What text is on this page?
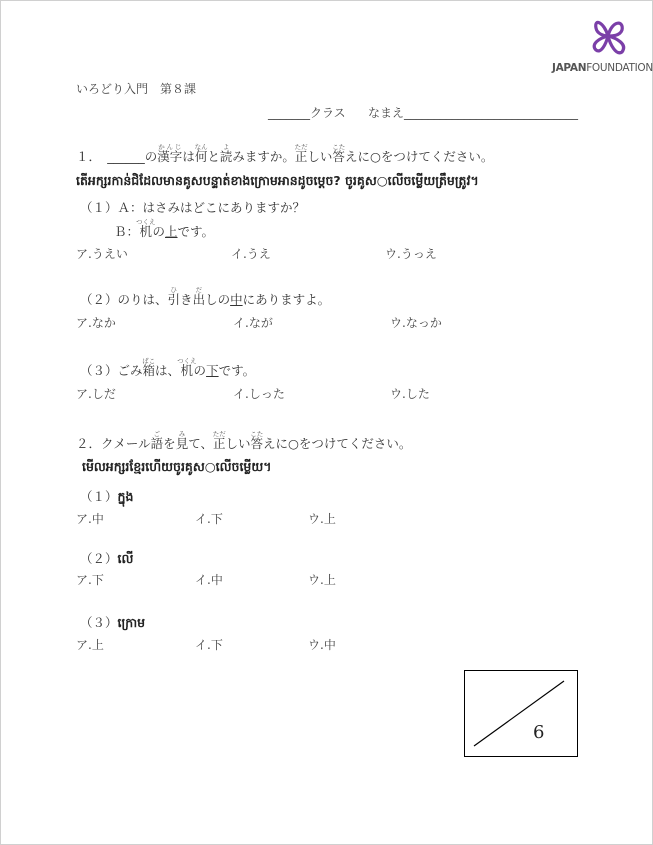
JAPANFOUNDATION
いろどり入門　第８課
_______クラス なまえ_____________________________
１．　 ______の漢字かんじは何なんと読よみますか。正ただしい答こたえに○をつけてください。
តើអក្សរកាន់ជិដែលមានគូសបន្ទាត់ខាងក្រោមអានដូចម្ដេច? ចូរគូស○លើចម្លើយត្រឹមត្រូវ។
（１）Ａ：はさみはどこにありますか？
Ｂ：机つくえの上です。
ア.うえい	イ.うえ	ウ.うっえ
（２）のりは、引ひき出だしの中にありますよ。
ア.なか	イ.なが	ウ.なっか
（３）ごみ箱ばこは、机つくえの下です。
ア.しだ	イ.しった	ウ.した
２．クメール語ごを見みて、正ただしい答こたえに○をつけてください。
មើលអក្សរខ្មែរហើយចូរគូស○លើចម្លើយ។
（１）ក្នុង
ア.中	イ.下	ウ.上
（２）លើ
ア.下	イ.中	ウ.上
（３）ក្រោម
ア.上	イ.下	ウ.中
6
